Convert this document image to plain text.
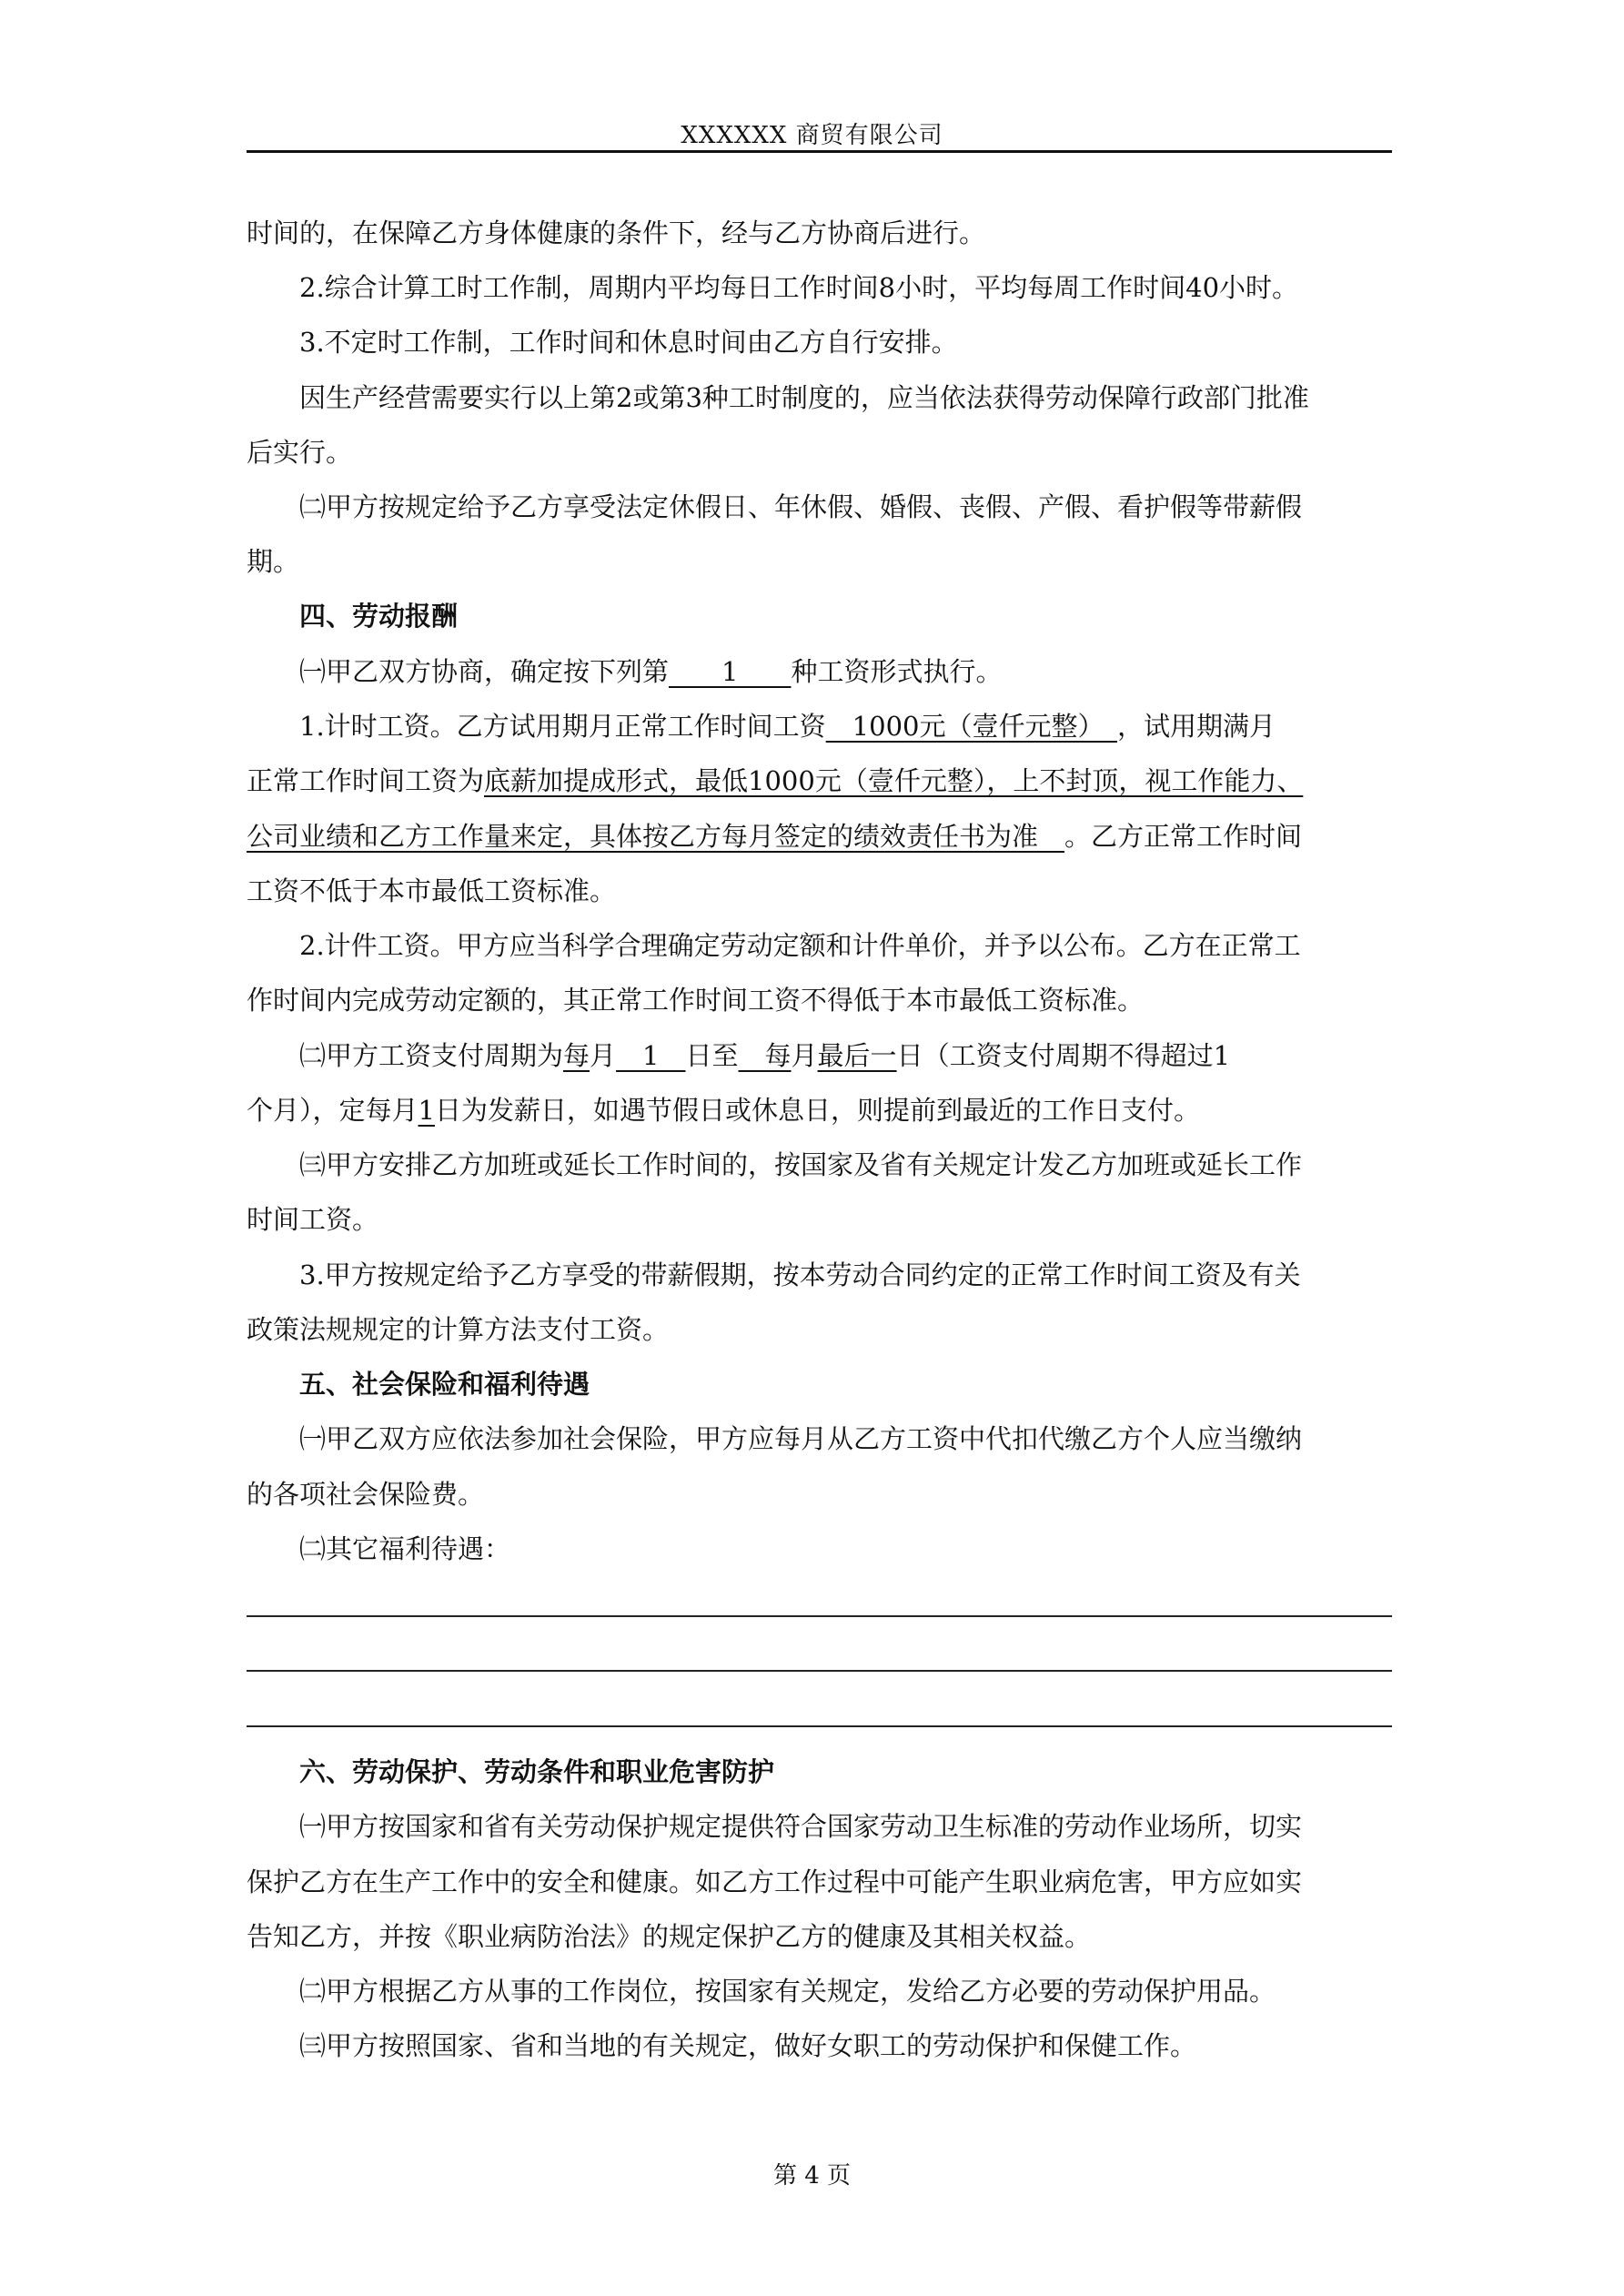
XXXXXX 商贸有限公司
时间的，在保障乙方身体健康的条件下，经与乙方协商后进行。
2.综合计算工时工作制，周期内平均每日工作时间8小时，平均每周工作时间40小时。
3.不定时工作制，工作时间和休息时间由乙方自行安排。
因生产经营需要实行以上第2或第3种工时制度的，应当依法获得劳动保障行政部门批准
后实行。
㈡甲方按规定给予乙方享受法定休假日、年休假、婚假、丧假、产假、看护假等带薪假
期。
四、劳动报酬
㈠甲乙双方协商，确定按下列第　　1　　种工资形式执行。
1.计时工资。乙方试用期月正常工作时间工资　1000元（壹仟元整）　，试用期满月
正常工作时间工资为底薪加提成形式，最低1000元（壹仟元整），上不封顶，视工作能力、
公司业绩和乙方工作量来定，具体按乙方每月签定的绩效责任书为准　。乙方正常工作时间
工资不低于本市最低工资标准。
2.计件工资。甲方应当科学合理确定劳动定额和计件单价，并予以公布。乙方在正常工
作时间内完成劳动定额的，其正常工作时间工资不得低于本市最低工资标准。
㈡甲方工资支付周期为每月　1　日至　每月最后一日（工资支付周期不得超过1
个月），定每月1日为发薪日，如遇节假日或休息日，则提前到最近的工作日支付。
㈢甲方安排乙方加班或延长工作时间的，按国家及省有关规定计发乙方加班或延长工作
时间工资。
3.甲方按规定给予乙方享受的带薪假期，按本劳动合同约定的正常工作时间工资及有关
政策法规规定的计算方法支付工资。
五、社会保险和福利待遇
㈠甲乙双方应依法参加社会保险，甲方应每月从乙方工资中代扣代缴乙方个人应当缴纳
的各项社会保险费。
㈡其它福利待遇：
六、劳动保护、劳动条件和职业危害防护
㈠甲方按国家和省有关劳动保护规定提供符合国家劳动卫生标准的劳动作业场所，切实
保护乙方在生产工作中的安全和健康。如乙方工作过程中可能产生职业病危害，甲方应如实
告知乙方，并按《职业病防治法》的规定保护乙方的健康及其相关权益。
㈡甲方根据乙方从事的工作岗位，按国家有关规定，发给乙方必要的劳动保护用品。
㈢甲方按照国家、省和当地的有关规定，做好女职工的劳动保护和保健工作。
第 4 页
